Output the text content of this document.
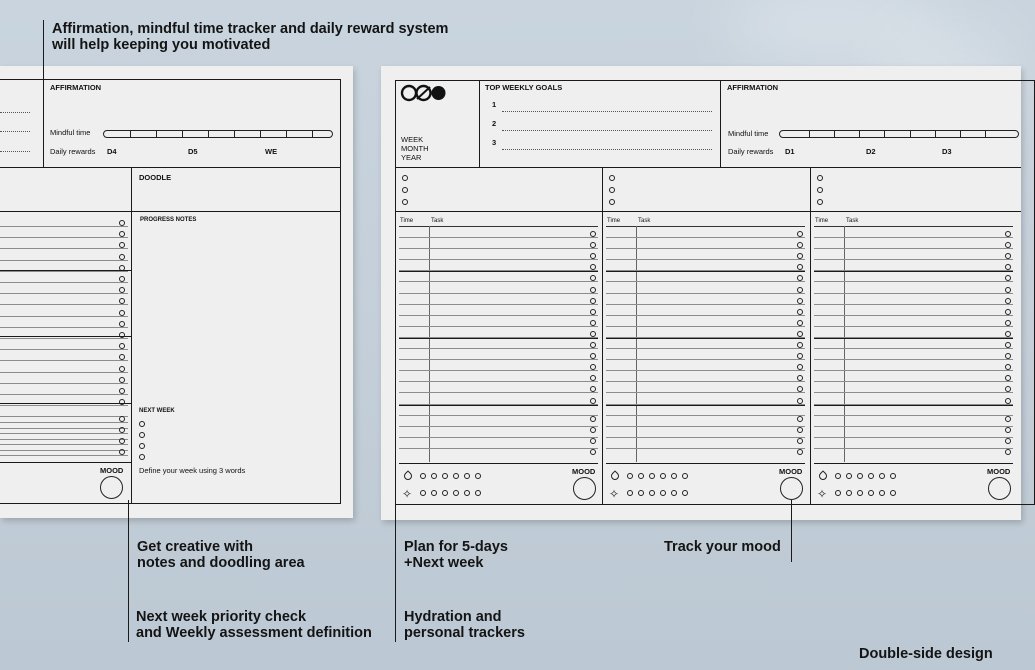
AFFIRMATION
Mindful time
Daily rewards D4	D5	WE
DOODLE
PROGRESS NOTES
NEXT WEEK
MOOD Define your week using 3 words
WEEK
MONTH
YEAR
TOP WEEKLY GOALS
1
2
3
AFFIRMATION
Mindful time
Daily rewards D1	D2	D3
Time	Task
✧
MOOD
Time	Task
✧
MOOD
Time	Task
✧
MOOD
Affirmation, mindful time tracker and daily reward system
will help keeping you motivated
Get creative with
notes and doodling area
Next week priority check
and Weekly assessment definition
Plan for 5-days
+Next week
Hydration and
personal trackers
Track your mood
Double-side design
